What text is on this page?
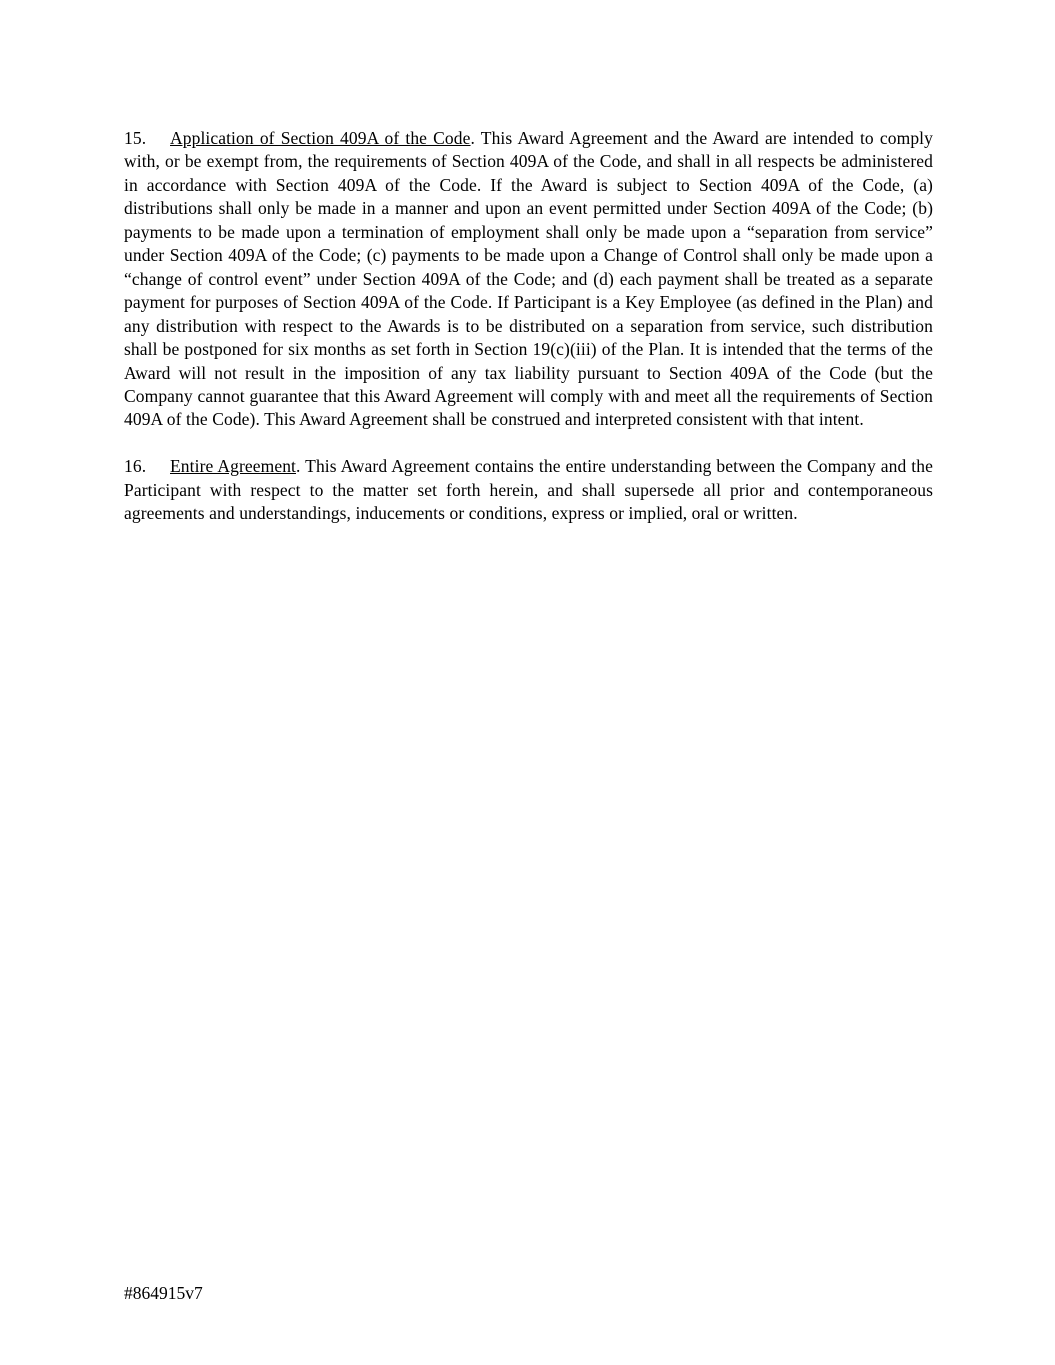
15. Application of Section 409A of the Code. This Award Agreement and the Award are intended to comply with, or be exempt from, the requirements of Section 409A of the Code, and shall in all respects be administered in accordance with Section 409A of the Code. If the Award is subject to Section 409A of the Code, (a) distributions shall only be made in a manner and upon an event permitted under Section 409A of the Code; (b) payments to be made upon a termination of employment shall only be made upon a “separation from service” under Section 409A of the Code; (c) payments to be made upon a Change of Control shall only be made upon a “change of control event” under Section 409A of the Code; and (d) each payment shall be treated as a separate payment for purposes of Section 409A of the Code. If Participant is a Key Employee (as defined in the Plan) and any distribution with respect to the Awards is to be distributed on a separation from service, such distribution shall be postponed for six months as set forth in Section 19(c)(iii) of the Plan. It is intended that the terms of the Award will not result in the imposition of any tax liability pursuant to Section 409A of the Code (but the Company cannot guarantee that this Award Agreement will comply with and meet all the requirements of Section 409A of the Code). This Award Agreement shall be construed and interpreted consistent with that intent.

16. Entire Agreement. This Award Agreement contains the entire understanding between the Company and the Participant with respect to the matter set forth herein, and shall supersede all prior and contemporaneous agreements and understandings, inducements or conditions, express or implied, oral or written.

#864915v7
